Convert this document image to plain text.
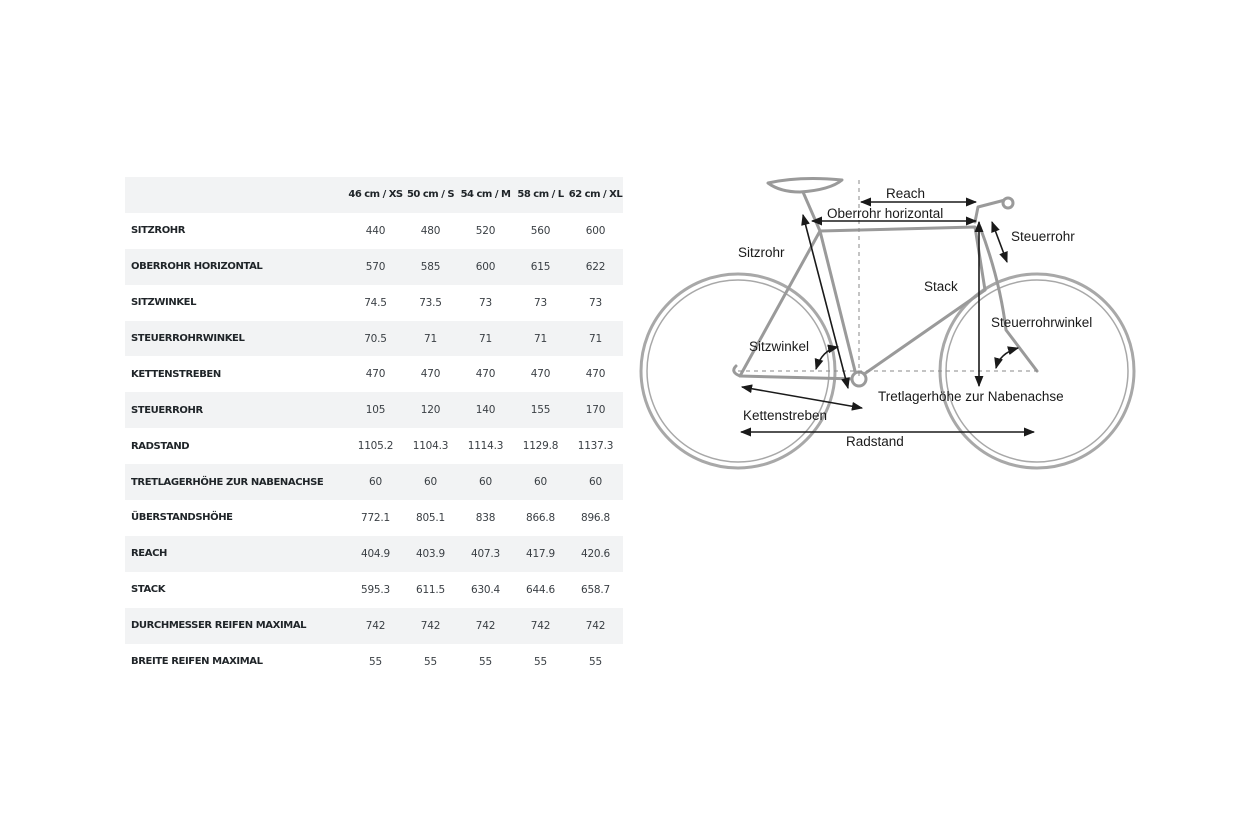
	46 cm / XS	50 cm / S	54 cm / M	58 cm / L	62 cm / XL
SITZROHR	440	480	520	560	600
OBERROHR HORIZONTAL	570	585	600	615	622
SITZWINKEL	74.5	73.5	73	73	73
STEUERROHRWINKEL	70.5	71	71	71	71
KETTENSTREBEN	470	470	470	470	470
STEUERROHR	105	120	140	155	170
RADSTAND	1105.2	1104.3	1114.3	1129.8	1137.3
TRETLAGERHÖHE ZUR NABENACHSE	60	60	60	60	60
ÜBERSTANDSHÖHE	772.1	805.1	838	866.8	896.8
REACH	404.9	403.9	407.3	417.9	420.6
STACK	595.3	611.5	630.4	644.6	658.7
DURCHMESSER REIFEN MAXIMAL	742	742	742	742	742
BREITE REIFEN MAXIMAL	55	55	55	55	55
Reach
Oberrohr horizontal
Steuerrohr
Sitzrohr
Stack
Steuerrohrwinkel
Sitzwinkel
Tretlagerhöhe zur Nabenachse
Kettenstreben
Radstand
